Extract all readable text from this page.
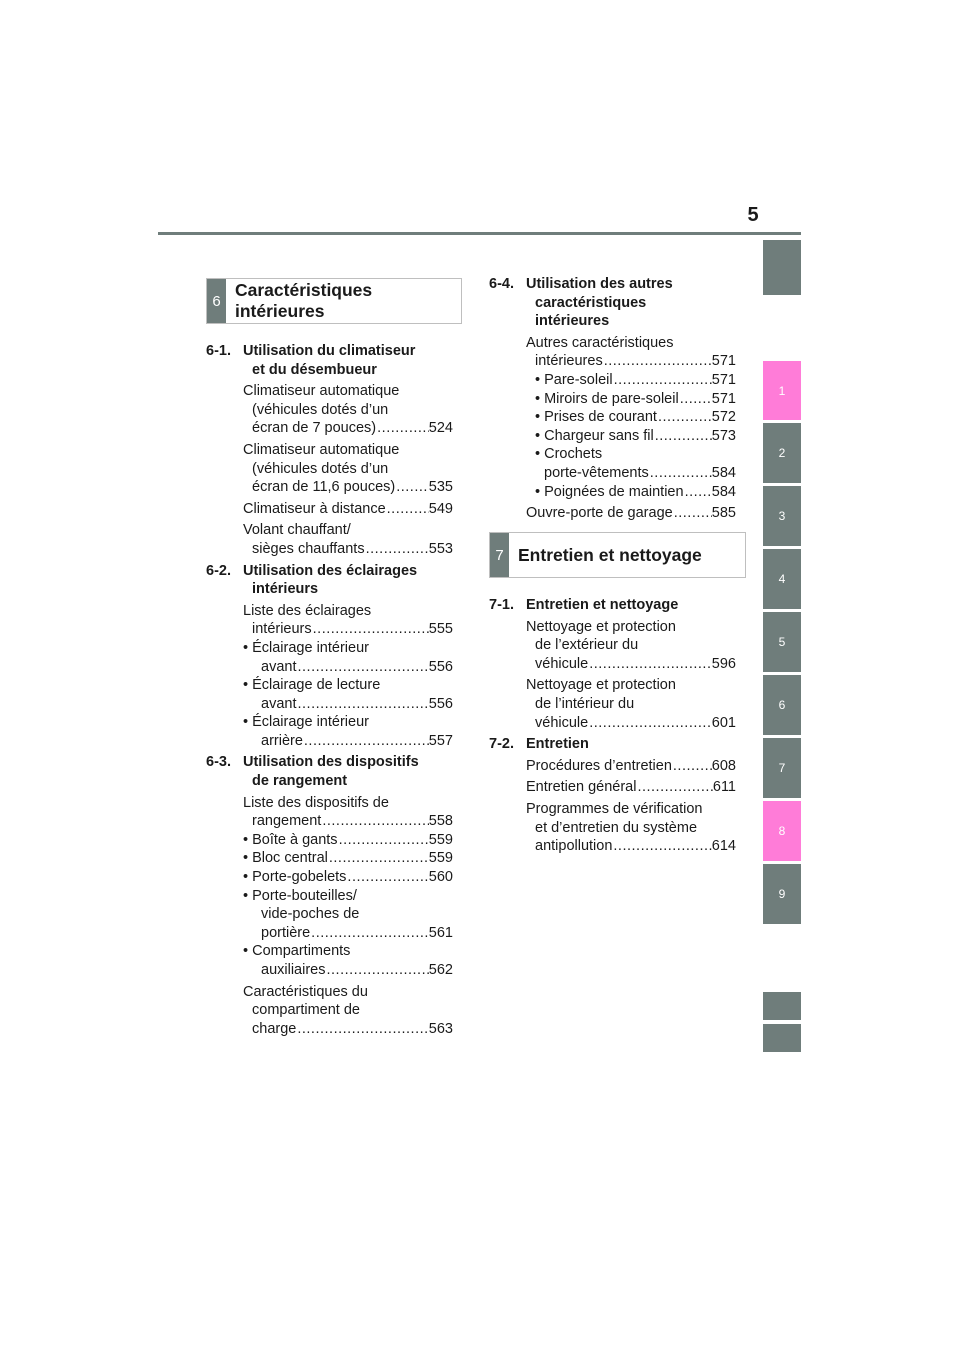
5
1
2
3
4
5
6
7
8
9
6
Caractéristiques intérieures
7 Entretien et nettoyage
6-1. Utilisation du climatiseur
et du désembueur
Climatiseur automatique
(véhicules dotés d’un
écran de 7 pouces) .....	524
Climatiseur automatique
(véhicules dotés d’un
écran de 11,6 pouces) ..... 535
Climatiseur à distance .....	549
Volant chauffant/
sièges chauffants .....	553
6-2. Utilisation des éclairages
intérieurs
Liste des éclairages
intérieurs .....	555
• Éclairage intérieur
avant .....	556
• Éclairage de lecture
avant .....	556
• Éclairage intérieur
arrière .....	557
6-3. Utilisation des dispositifs
de rangement
Liste des dispositifs de
rangement .....	558
• Boîte à gants .....	559
• Bloc central .....	559
• Porte-gobelets .....	560
• Porte-bouteilles/
vide-poches de
portière .....	561
• Compartiments
auxiliaires .....	562
Caractéristiques du
compartiment de
charge .....	563
6-4. Utilisation des autres
caractéristiques
intérieures
Autres caractéristiques
intérieures .....	571
• Pare-soleil .....	571
• Miroirs de pare-soleil ..... 571
• Prises de courant .....	572
• Chargeur sans fil .....	573
• Crochets
porte-vêtements .....	584
• Poignées de maintien ..... 584
Ouvre-porte de garage .....	585
7-1. Entretien et nettoyage
Nettoyage et protection
de l’extérieur du
véhicule .....	596
Nettoyage et protection
de l’intérieur du
véhicule .....	601
7-2. Entretien
Procédures d’entretien .....	608
Entretien général .....	611
Programmes de vérification
et d’entretien du système
antipollution .....	614
